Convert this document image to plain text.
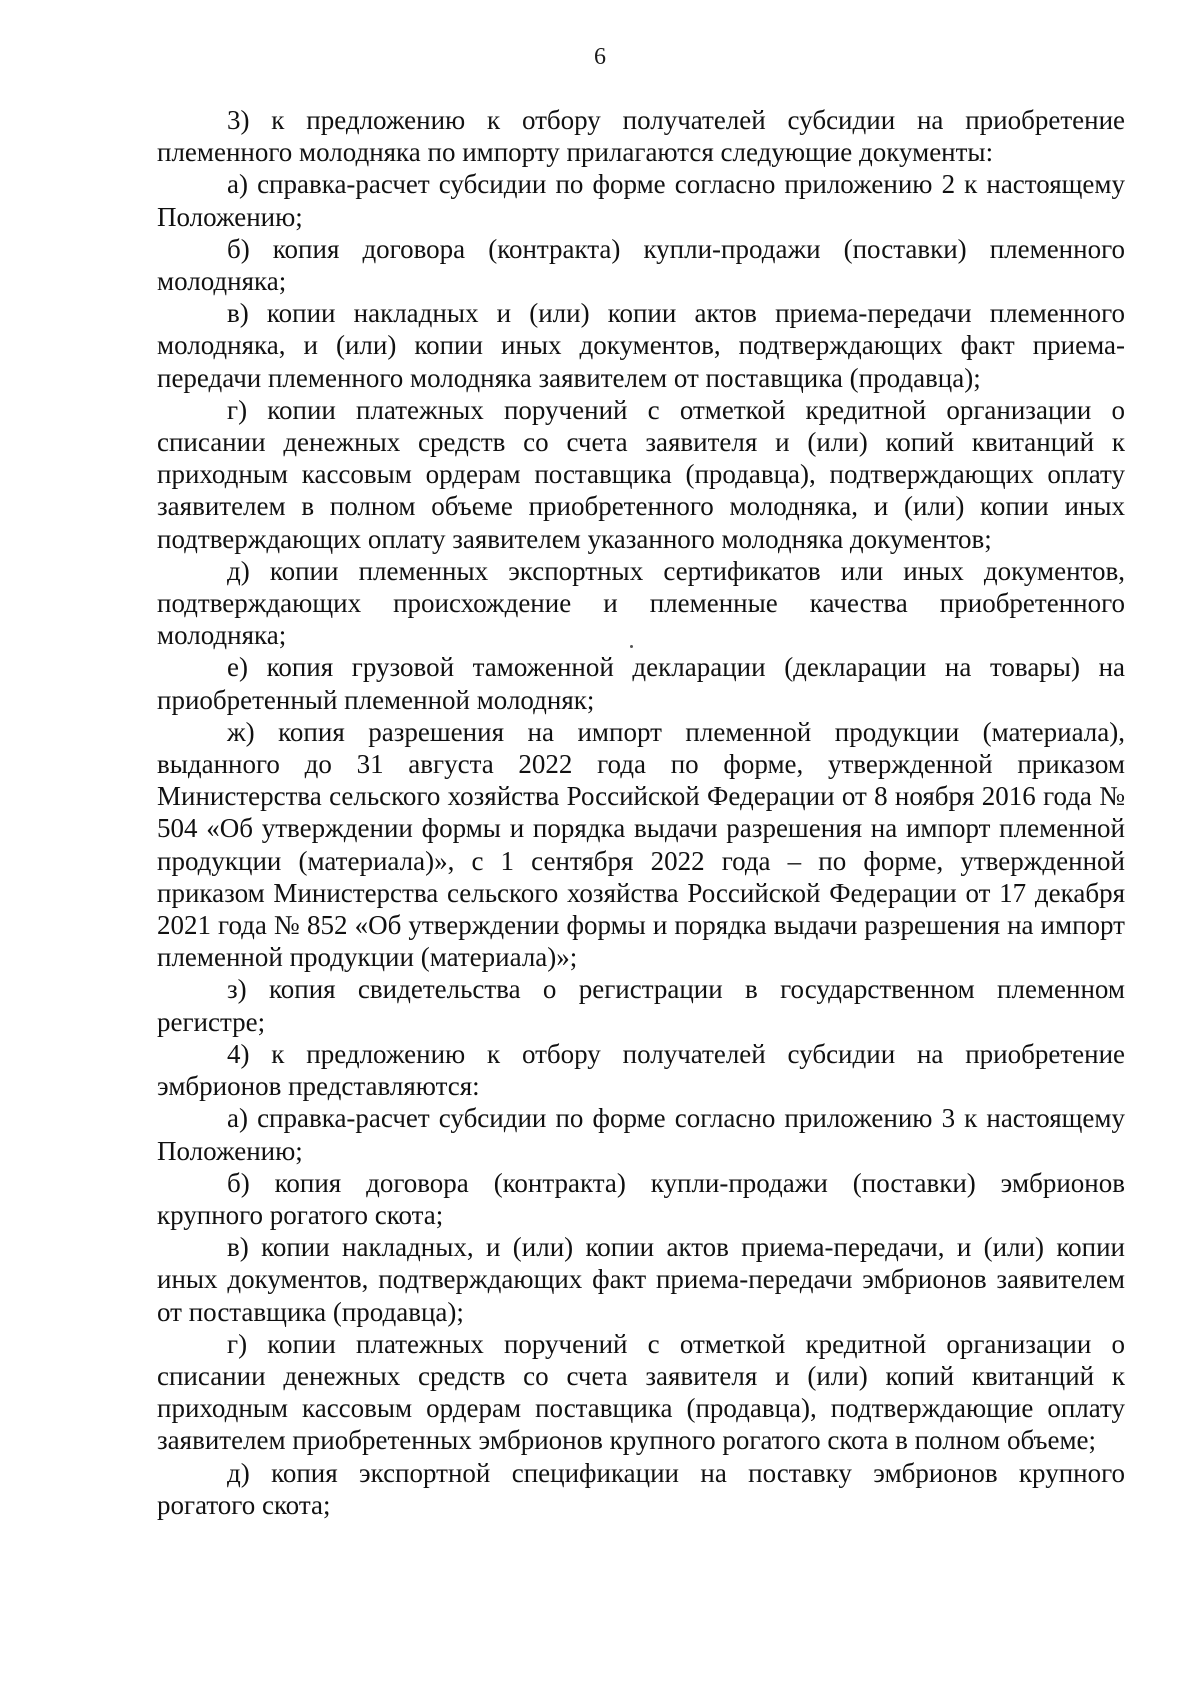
6

3) к предложению к отбору получателей субсидии на приобретение племенного молодняка по импорту прилагаются следующие документы:

а) справка-расчет субсидии по форме согласно приложению 2 к настоящему Положению;

б) копия договора (контракта) купли-продажи (поставки) племенного молодняка;

в) копии накладных и (или) копии актов приема-передачи племенного молодняка, и (или) копии иных документов, подтверждающих факт приема-передачи племенного молодняка заявителем от поставщика (продавца);

г) копии платежных поручений с отметкой кредитной организации о списании денежных средств со счета заявителя и (или) копий квитанций к приходным кассовым ордерам поставщика (продавца), подтверждающих оплату заявителем в полном объеме приобретенного молодняка, и (или) копии иных подтверждающих оплату заявителем указанного молодняка документов;

д) копии племенных экспортных сертификатов или иных документов, подтверждающих происхождение и племенные качества приобретенного молодняка;

е) копия грузовой таможенной декларации (декларации на товары) на приобретенный племенной молодняк;

ж) копия разрешения на импорт племенной продукции (материала), выданного до 31 августа 2022 года по форме, утвержденной приказом Министерства сельского хозяйства Российской Федерации от 8 ноября 2016 года № 504 «Об утверждении формы и порядка выдачи разрешения на импорт племенной продукции (материала)», с 1 сентября 2022 года – по форме, утвержденной приказом Министерства сельского хозяйства Российской Федерации от 17 декабря 2021 года № 852 «Об утверждении формы и порядка выдачи разрешения на импорт племенной продукции (материала)»;

з) копия свидетельства о регистрации в государственном племенном регистре;

4) к предложению к отбору получателей субсидии на приобретение эмбрионов представляются:

а) справка-расчет субсидии по форме согласно приложению 3 к настоящему Положению;

б) копия договора (контракта) купли-продажи (поставки) эмбрионов крупного рогатого скота;

в) копии накладных, и (или) копии актов приема-передачи, и (или) копии иных документов, подтверждающих факт приема-передачи эмбрионов заявителем от поставщика (продавца);

г) копии платежных поручений с отметкой кредитной организации о списании денежных средств со счета заявителя и (или) копий квитанций к приходным кассовым ордерам поставщика (продавца), подтверждающие оплату заявителем приобретенных эмбрионов крупного рогатого скота в полном объеме;

д) копия экспортной спецификации на поставку эмбрионов крупного рогатого скота;
